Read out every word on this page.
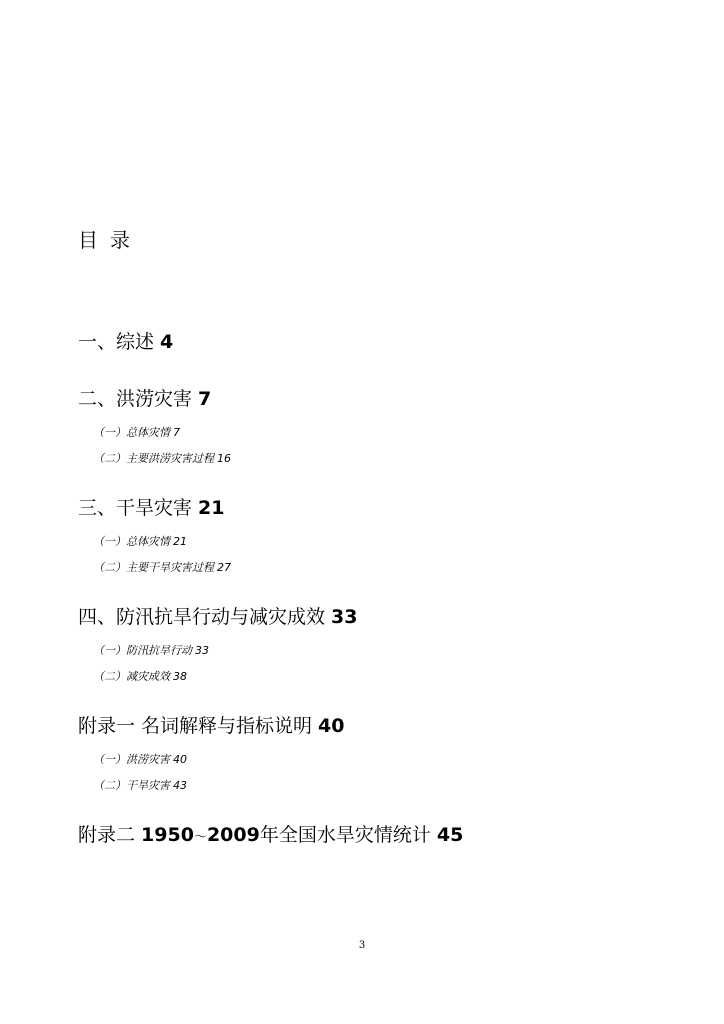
目录
一、综述 4
二、洪涝灾害 7
（一）总体灾情 7
（二）主要洪涝灾害过程 16
三、干旱灾害 21
（一）总体灾情 21
（二）主要干旱灾害过程 27
四、防汛抗旱行动与减灾成效 33
（一）防汛抗旱行动 33
（二）减灾成效 38
附录一 名词解释与指标说明 40
（一）洪涝灾害 40
（二）干旱灾害 43
附录二 1950～2009年全国水旱灾情统计 45
3
